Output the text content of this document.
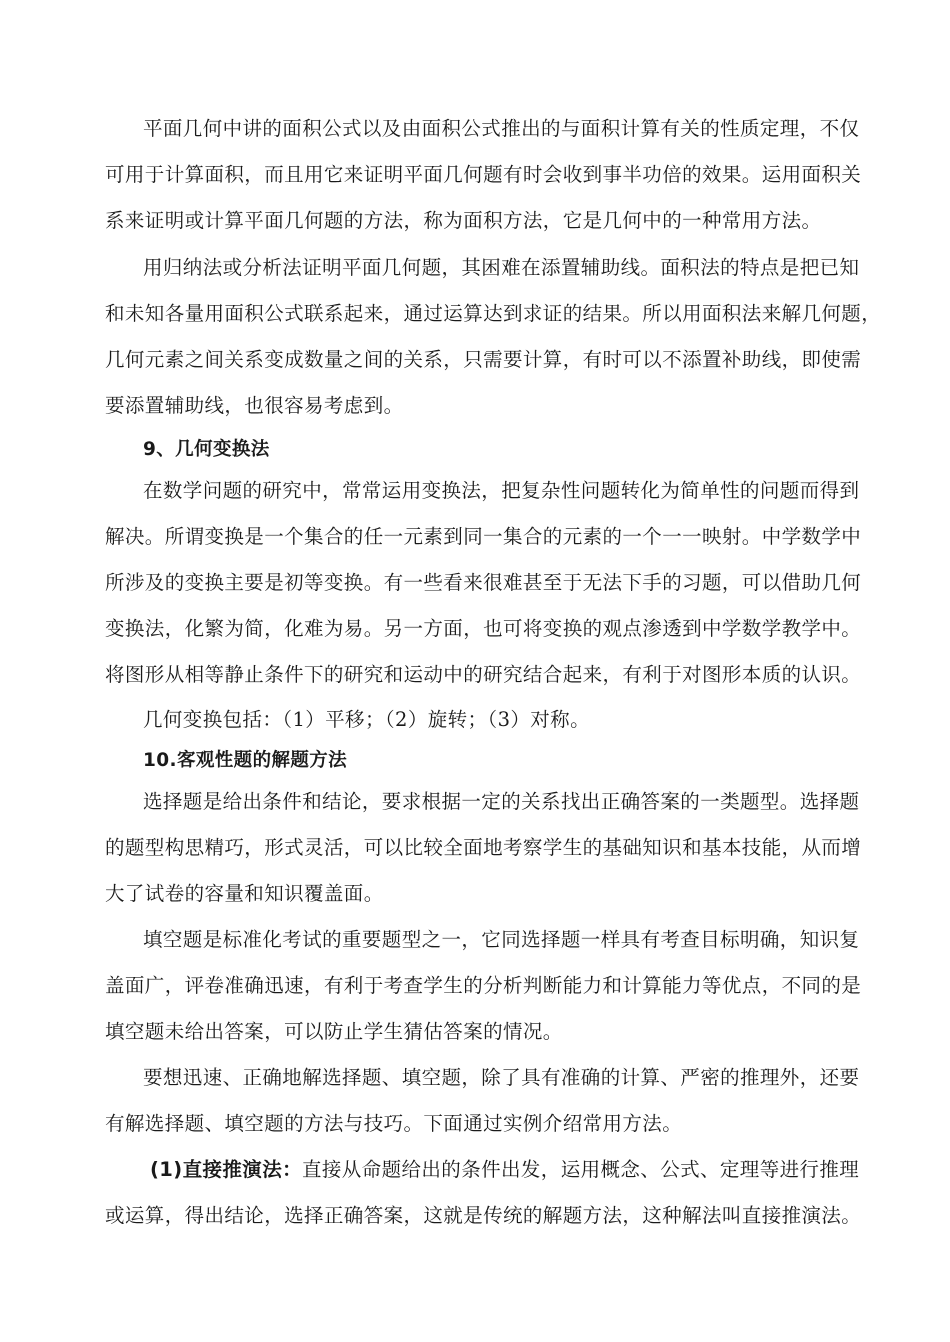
平面几何中讲的面积公式以及由面积公式推出的与面积计算有关的性质定理，不仅
可用于计算面积，而且用它来证明平面几何题有时会收到事半功倍的效果。运用面积关
系来证明或计算平面几何题的方法，称为面积方法，它是几何中的一种常用方法。
用归纳法或分析法证明平面几何题，其困难在添置辅助线。面积法的特点是把已知
和未知各量用面积公式联系起来，通过运算达到求证的结果。所以用面积法来解几何题，
几何元素之间关系变成数量之间的关系，只需要计算，有时可以不添置补助线，即使需
要添置辅助线，也很容易考虑到。
9、几何变换法
在数学问题的研究中，常常运用变换法，把复杂性问题转化为简单性的问题而得到
解决。所谓变换是一个集合的任一元素到同一集合的元素的一个一一映射。中学数学中
所涉及的变换主要是初等变换。有一些看来很难甚至于无法下手的习题，可以借助几何
变换法，化繁为简，化难为易。另一方面，也可将变换的观点渗透到中学数学教学中。
将图形从相等静止条件下的研究和运动中的研究结合起来，有利于对图形本质的认识。
几何变换包括：（1）平移；（2）旋转；（3）对称。
10.客观性题的解题方法
选择题是给出条件和结论，要求根据一定的关系找出正确答案的一类题型。选择题
的题型构思精巧，形式灵活，可以比较全面地考察学生的基础知识和基本技能，从而增
大了试卷的容量和知识覆盖面。
填空题是标准化考试的重要题型之一，它同选择题一样具有考查目标明确，知识复
盖面广，评卷准确迅速，有利于考查学生的分析判断能力和计算能力等优点，不同的是
填空题未给出答案，可以防止学生猜估答案的情况。
要想迅速、正确地解选择题、填空题，除了具有准确的计算、严密的推理外，还要
有解选择题、填空题的方法与技巧。下面通过实例介绍常用方法。
(1)直接推演法：直接从命题给出的条件出发，运用概念、公式、定理等进行推理
或运算，得出结论，选择正确答案，这就是传统的解题方法，这种解法叫直接推演法。
